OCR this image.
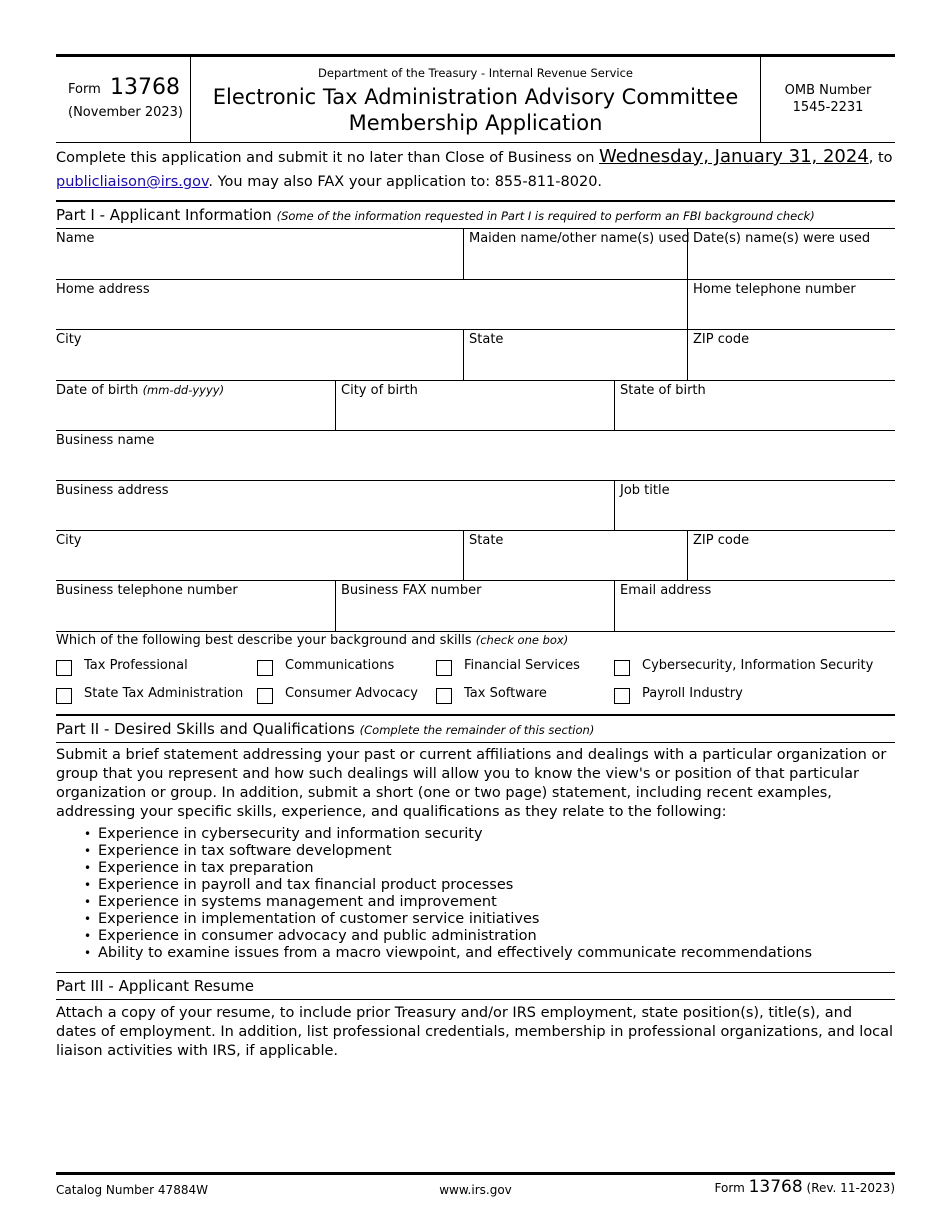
Form 13768
(November 2023)
Department of the Treasury - Internal Revenue Service
Electronic Tax Administration Advisory Committee
Membership Application
OMB Number
1545-2231
Complete this application and submit it no later than Close of Business on Wednesday, January 31, 2024, to
publicliaison@irs.gov. You may also FAX your application to: 855-811-8020.
Part I - Applicant Information (Some of the information requested in Part I is required to perform an FBI background check)
Name	Maiden name/other name(s) used Date(s) name(s) were used
Home address	Home telephone number
City	State	ZIP code
Date of birth (mm-dd-yyyy)	City of birth	State of birth
Business name
Business address	Job title
City	State	ZIP code
Business telephone number	Business FAX number	Email address
Which of the following best describe your background and skills (check one box)
Tax Professional	Communications	Financial Services	Cybersecurity, Information Security
State Tax Administration	Consumer Advocacy	Tax Software	Payroll Industry
Part II - Desired Skills and Qualifications (Complete the remainder of this section)
Submit a brief statement addressing your past or current affiliations and dealings with a particular organization or group that you represent and how such dealings will allow you to know the view's or position of that particular organization or group. In addition, submit a short (one or two page) statement, including recent examples, addressing your specific skills, experience, and qualifications as they relate to the following:
• Experience in cybersecurity and information security
• Experience in tax software development
• Experience in tax preparation
• Experience in payroll and tax financial product processes
• Experience in systems management and improvement
• Experience in implementation of customer service initiatives
• Experience in consumer advocacy and public administration
• Ability to examine issues from a macro viewpoint, and effectively communicate recommendations
Part III - Applicant Resume
Attach a copy of your resume, to include prior Treasury and/or IRS employment, state position(s), title(s), and dates of employment. In addition, list professional credentials, membership in professional organizations, and local liaison activities with IRS, if applicable.
Catalog Number 47884W	www.irs.gov	Form 13768 (Rev. 11-2023)
